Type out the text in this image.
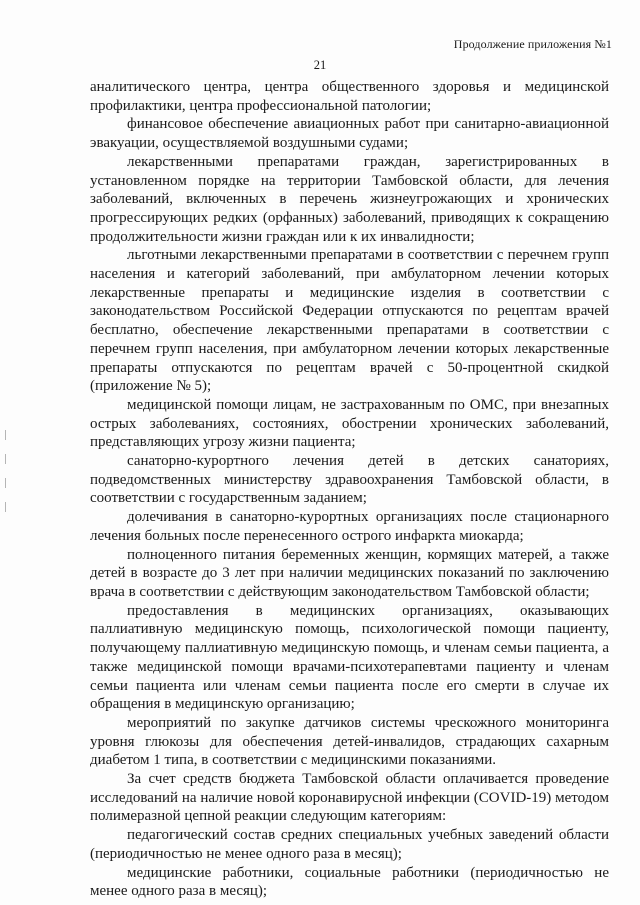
Продолжение приложения №1
21

аналитического центра, центра общественного здоровья и медицинской профилактики, центра профессиональной патологии;

финансовое обеспечение авиационных работ при санитарно-авиационной эвакуации, осуществляемой воздушными судами;

лекарственными препаратами граждан, зарегистрированных в установленном порядке на территории Тамбовской области, для лечения заболеваний, включенных в перечень жизнеугрожающих и хронических прогрессирующих редких (орфанных) заболеваний, приводящих к сокращению продолжительности жизни граждан или к их инвалидности;

льготными лекарственными препаратами в соответствии с перечнем групп населения и категорий заболеваний, при амбулаторном лечении которых лекарственные препараты и медицинские изделия в соответствии с законодательством Российской Федерации отпускаются по рецептам врачей бесплатно, обеспечение лекарственными препаратами в соответствии с перечнем групп населения, при амбулаторном лечении которых лекарственные препараты отпускаются по рецептам врачей с 50-процентной скидкой (приложение № 5);

медицинской помощи лицам, не застрахованным по ОМС, при внезапных острых заболеваниях, состояниях, обострении хронических заболеваний, представляющих угрозу жизни пациента;

санаторно-курортного лечения детей в детских санаториях, подведомственных министерству здравоохранения Тамбовской области, в соответствии с государственным заданием;

долечивания в санаторно-курортных организациях после стационарного лечения больных после перенесенного острого инфаркта миокарда;

полноценного питания беременных женщин, кормящих матерей, а также детей в возрасте до 3 лет при наличии медицинских показаний по заключению врача в соответствии с действующим законодательством Тамбовской области;

предоставления в медицинских организациях, оказывающих паллиативную медицинскую помощь, психологической помощи пациенту, получающему паллиативную медицинскую помощь, и членам семьи пациента, а также медицинской помощи врачами-психотерапевтами пациенту и членам семьи пациента или членам семьи пациента после его смерти в случае их обращения в медицинскую организацию;

мероприятий по закупке датчиков системы чрескожного мониторинга уровня глюкозы для обеспечения детей-инвалидов, страдающих сахарным диабетом 1 типа, в соответствии с медицинскими показаниями.

За счет средств бюджета Тамбовской области оплачивается проведение исследований на наличие новой коронавирусной инфекции (COVID-19) методом полимеразной цепной реакции следующим категориям:

педагогический состав средних специальных учебных заведений области (периодичностью не менее одного раза в месяц);

медицинские работники, социальные работники (периодичностью не менее одного раза в месяц);
